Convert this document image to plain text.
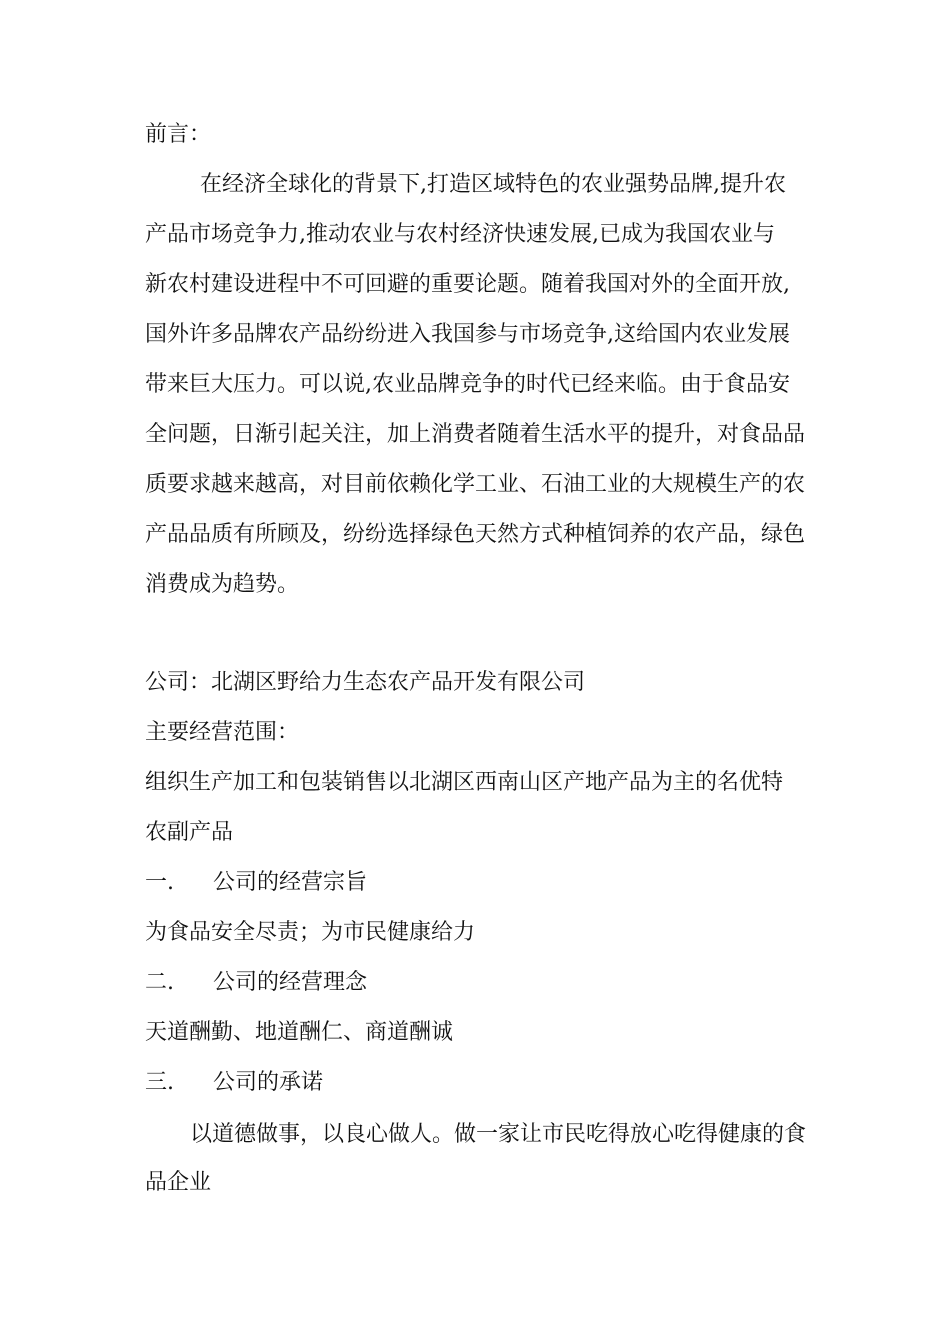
前言：
在经济全球化的背景下,打造区域特色的农业强势品牌,提升农
产品市场竞争力,推动农业与农村经济快速发展,已成为我国农业与
新农村建设进程中不可回避的重要论题。随着我国对外的全面开放,
国外许多品牌农产品纷纷进入我国参与市场竞争,这给国内农业发展
带来巨大压力。可以说,农业品牌竞争的时代已经来临。由于食品安
全问题，日渐引起关注，加上消费者随着生活水平的提升，对食品品
质要求越来越高，对目前依赖化学工业、石油工业的大规模生产的农
产品品质有所顾及，纷纷选择绿色天然方式种植饲养的农产品，绿色
消费成为趋势。
公司：北湖区野给力生态农产品开发有限公司
主要经营范围：
组织生产加工和包装销售以北湖区西南山区产地产品为主的名优特
农副产品
一. 公司的经营宗旨
为食品安全尽责；为市民健康给力
二. 公司的经营理念
天道酬勤、地道酬仁、商道酬诚
三. 公司的承诺
以道德做事，以良心做人。做一家让市民吃得放心吃得健康的食
品企业
